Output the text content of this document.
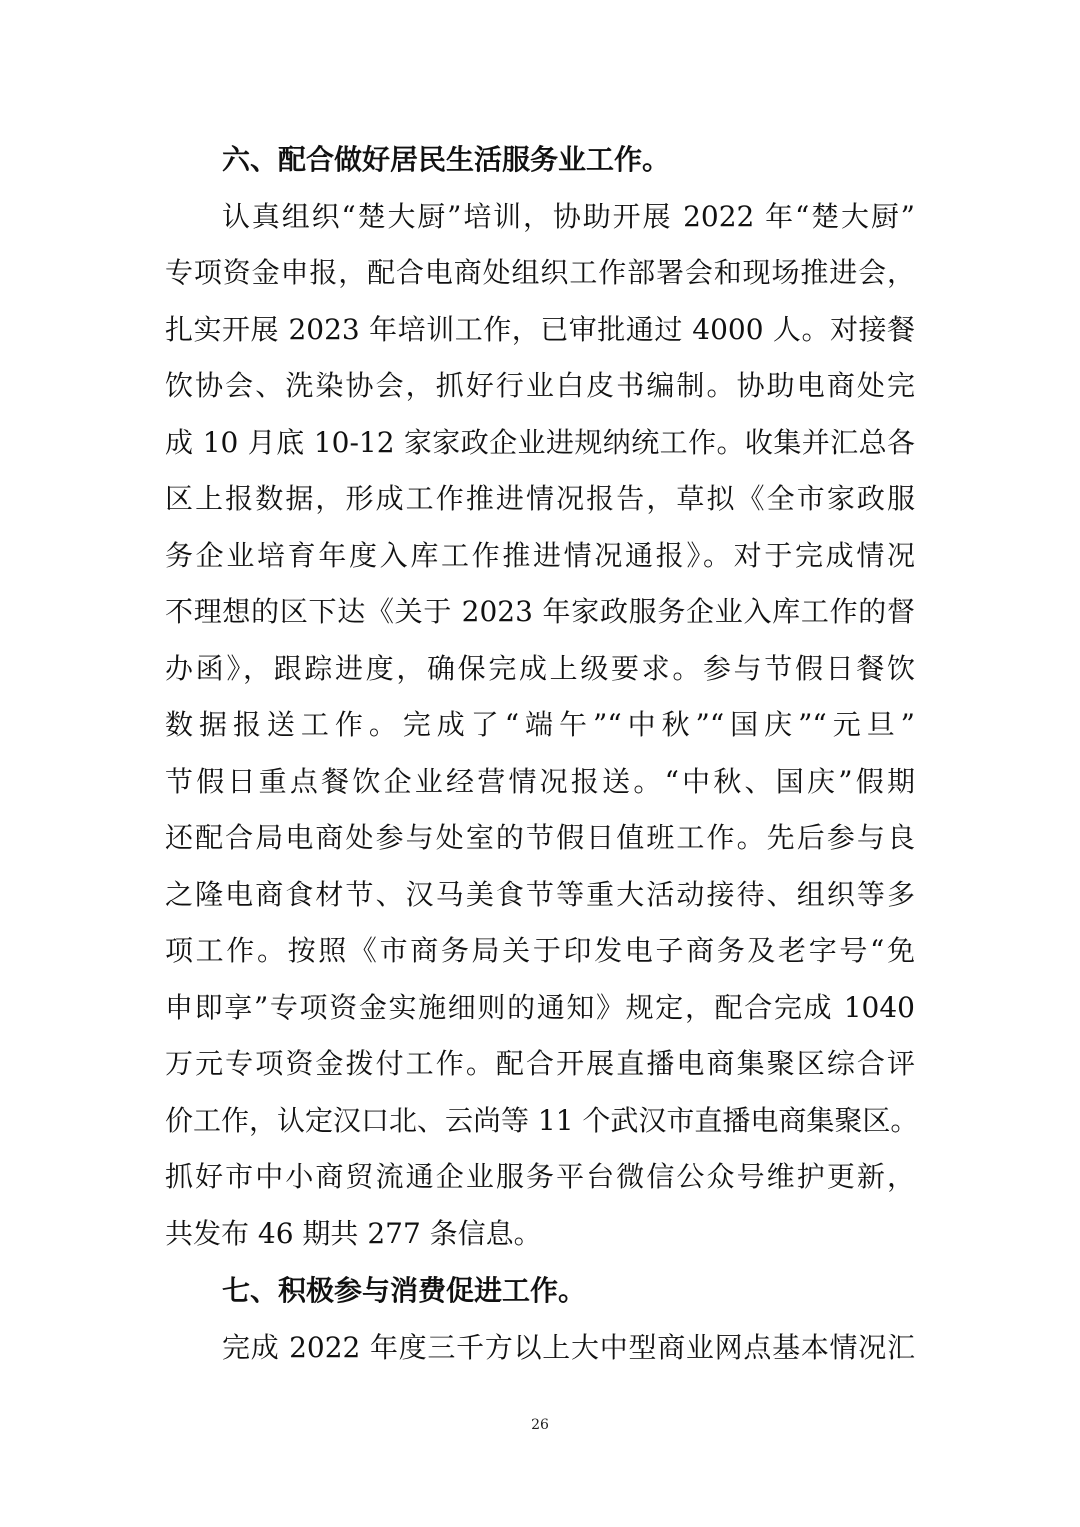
六、配合做好居民生活服务业工作。
认真组织“楚大厨”培训，协助开展 2022 年“楚大厨”
专项资金申报，配合电商处组织工作部署会和现场推进会，
扎实开展 2023 年培训工作，已审批通过 4000 人。对接餐
饮协会、洗染协会，抓好行业白皮书编制。协助电商处完
成 10 月底 10-12 家家政企业进规纳统工作。收集并汇总各
区上报数据，形成工作推进情况报告，草拟《全市家政服
务企业培育年度入库工作推进情况通报》。对于完成情况
不理想的区下达《关于 2023 年家政服务企业入库工作的督
办函》，跟踪进度，确保完成上级要求。参与节假日餐饮
数据报送工作。完成了“端午”“中秋”“国庆”“元旦”
节假日重点餐饮企业经营情况报送。“中秋、国庆”假期
还配合局电商处参与处室的节假日值班工作。先后参与良
之隆电商食材节、汉马美食节等重大活动接待、组织等多
项工作。按照《市商务局关于印发电子商务及老字号“免
申即享”专项资金实施细则的通知》规定，配合完成 1040
万元专项资金拨付工作。配合开展直播电商集聚区综合评
价工作，认定汉口北、云尚等 11 个武汉市直播电商集聚区。
抓好市中小商贸流通企业服务平台微信公众号维护更新，
共发布 46 期共 277 条信息。
七、积极参与消费促进工作。
完成 2022 年度三千方以上大中型商业网点基本情况汇
26
